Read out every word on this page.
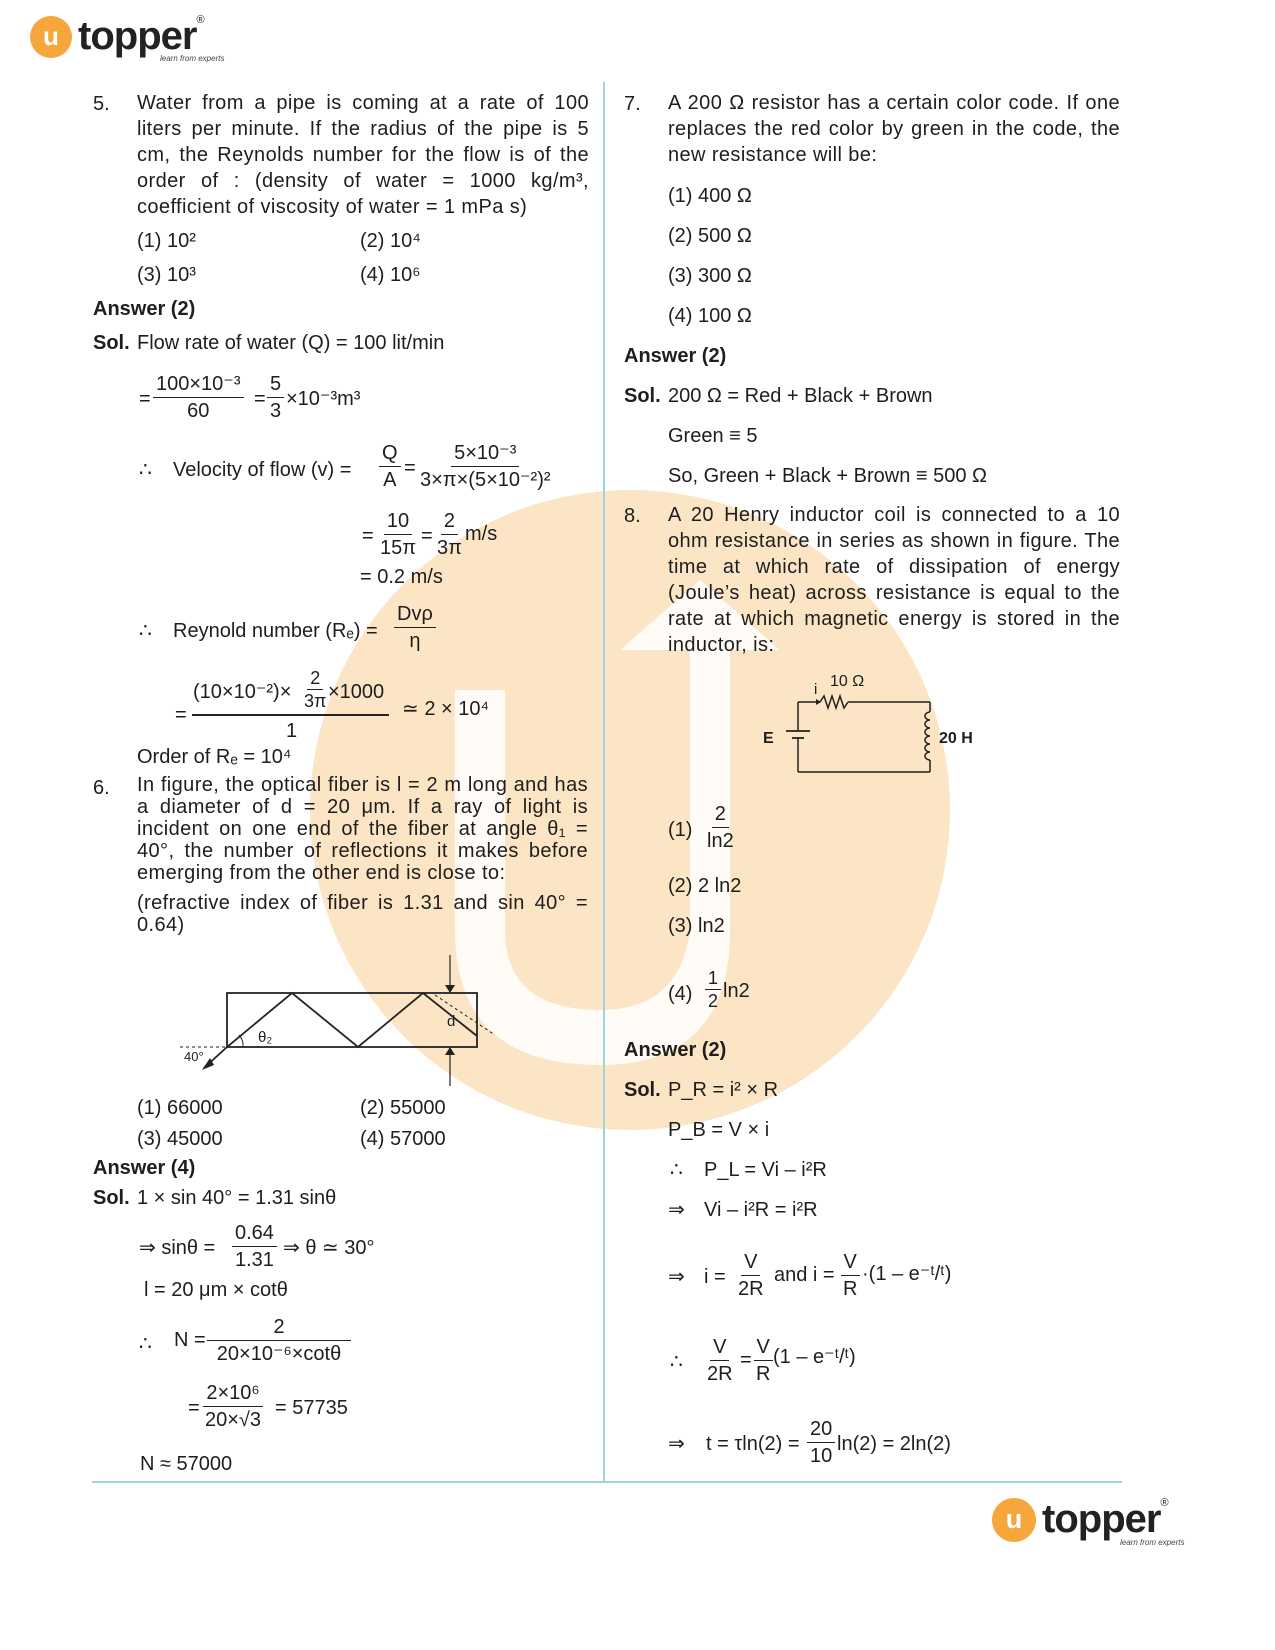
u topper ®
learn from experts
5. Water from a pipe is coming at a rate of 100 liters per minute. If the radius of the pipe is 5 cm, the Reynolds number for the flow is of the order of : (density of water = 1000 kg/m³, coefficient of viscosity of water = 1 mPa s)
(1) 10²	(2) 10⁴
(3) 10³	(4) 10⁶
Answer (2)
Sol. Flow rate of water (Q) = 100 lit/min
=
100×10⁻³
60
=
5
3
×10⁻³m³
∴ Velocity of flow (v) =
Q
A
=
5×10⁻³
3×π×(5×10⁻²)²
=
10
15π
=
2
3π
m/s
= 0.2 m/s
∴ Reynold number (Rₑ) =
Dvρ
η
=
(10×10⁻²)×
2
3π ×1000
1
≃ 2 × 10⁴
Order of Rₑ = 10⁴
6. In figure, the optical fiber is l = 2 m long and has a diameter of d = 20 μm. If a ray of light is incident on one end of the fiber at angle θ₁ = 40°, the number of reflections it makes before emerging from the other end is close to:
(refractive index of fiber is 1.31 and sin 40° = 0.64)
40°
θ₂
d
(1) 66000	(2) 55000
(3) 45000	(4) 57000
Answer (4)
Sol. 1 × sin 40° = 1.31 sinθ
⇒ sinθ =
0.64
1.31
⇒ θ ≃ 30°
l = 20 μm × cotθ
∴ N =
2
20×10⁻⁶×cotθ
=
2×10⁶
20×√3
= 57735
N ≈ 57000
7. A 200 Ω resistor has a certain color code. If one replaces the red color by green in the code, the new resistance will be:
(1) 400 Ω
(2) 500 Ω
(3) 300 Ω
(4) 100 Ω
Answer (2)
Sol. 200 Ω = Red + Black + Brown
Green ≡ 5
So, Green + Black + Brown ≡ 500 Ω
8. A 20 Henry inductor coil is connected to a 10 ohm resistance in series as shown in figure. The time at which rate of dissipation of energy (Joule’s heat) across resistance is equal to the rate at which magnetic energy is stored in the inductor, is:
i 10 Ω
E	20 H
(1)
2
ln2
(2) 2 ln2
(3) ln2
(4)
1
2 ln2
Answer (2)
Sol. P_R = i² × R
P_B = V × i
∴ P_L = Vi – i²R
⇒ Vi – i²R = i²R
⇒ i =
V
2R
and i =
V
R
·(1 – e⁻ᵗ/ᵗ)
∴
V
2R
=
V
R
(1 – e⁻ᵗ/ᵗ)
⇒ t = τln(2) =
20
10
ln(2) = 2ln(2)
u topper ®
learn from experts
